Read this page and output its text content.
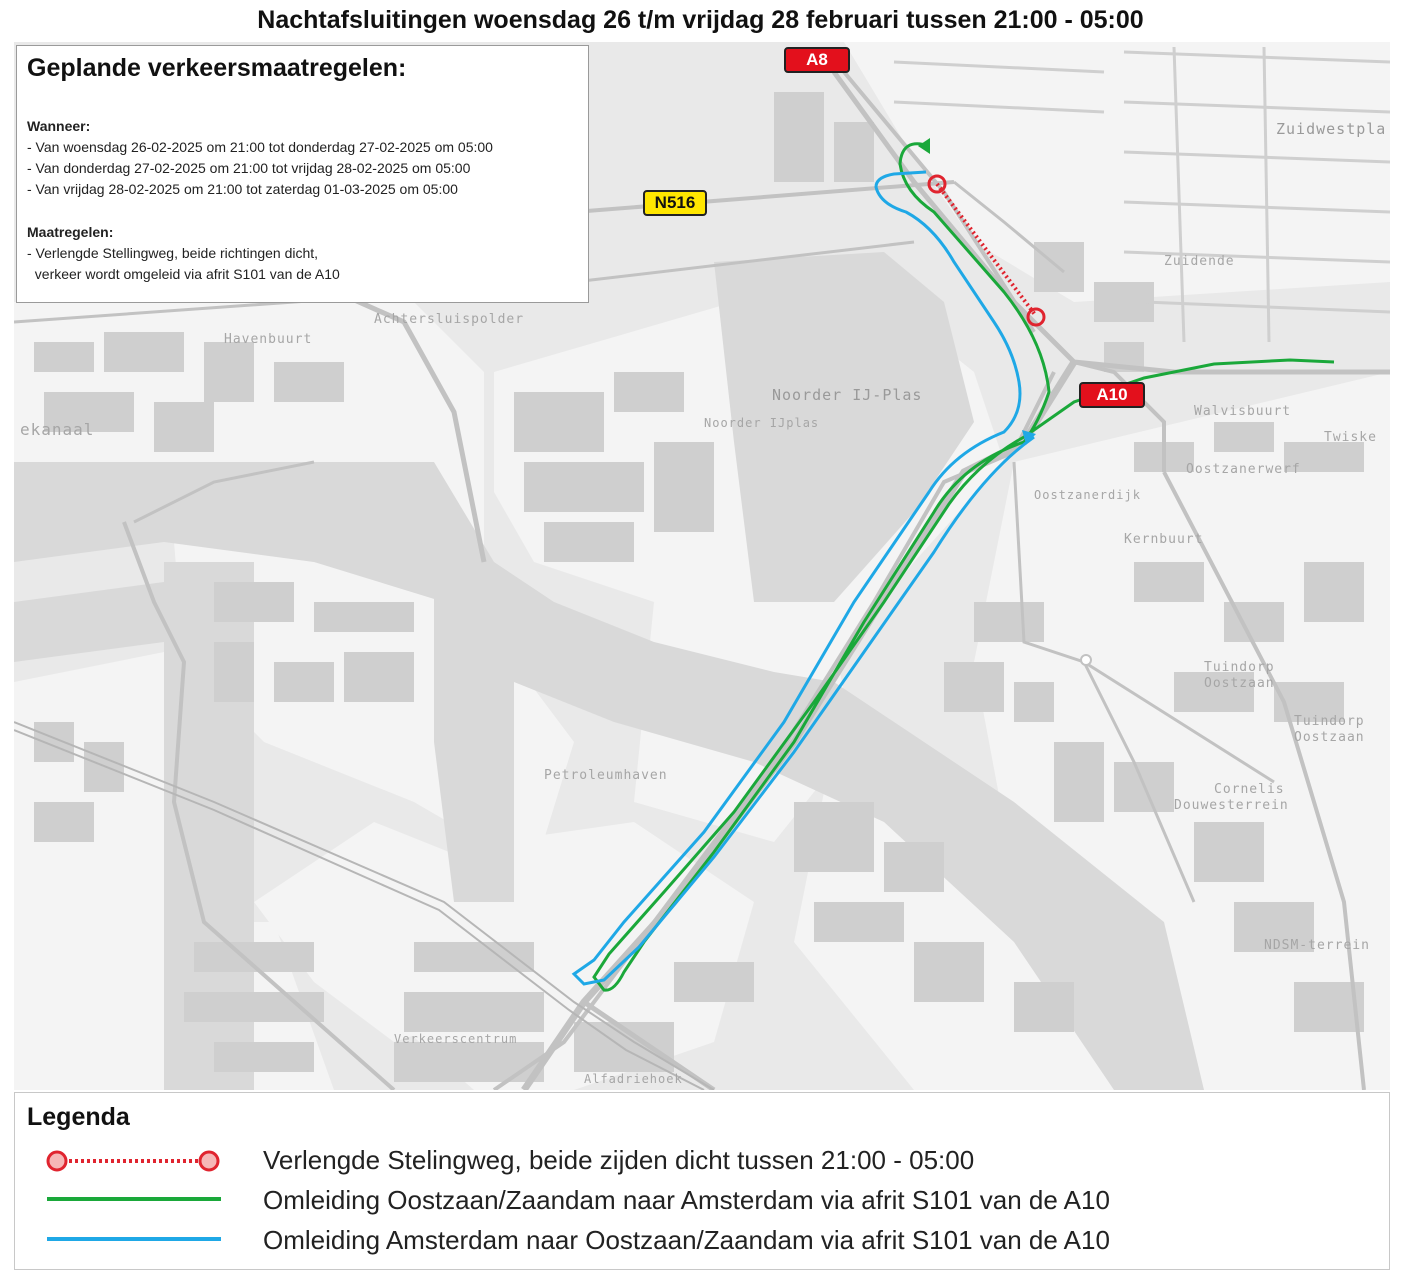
Nachtafsluitingen woensdag 26 t/m vrijdag 28 februari tussen 21:00 - 05:00
Achtersluispolder
Havenbuurt
ekanaal
Noorder IJ-Plas
Noorder IJplas
Zuidwestpla
Zuidende
Walvisbuurt
Twiske
Oostzanerwerf
Oostzanerdijk
Kernbuurt
Tuindorp
Oostzaan
Tuindorp
Oostzaan
Cornelis
Douwesterrein
NDSM-terrein
Petroleumhaven
Verkeerscentrum
Alfadriehoek
A8
N516
A10
Geplande verkeersmaatregelen:
Wanneer:
- Van woensdag 26-02-2025 om 21:00 tot donderdag 27-02-2025 om 05:00
- Van donderdag 27-02-2025 om 21:00 tot vrijdag 28-02-2025 om 05:00
- Van vrijdag 28-02-2025 om 21:00 tot zaterdag 01-03-2025 om 05:00
Maatregelen:
- Verlengde Stellingweg, beide richtingen dicht,
verkeer wordt omgeleid via afrit S101 van de A10
Legenda
Verlengde Stelingweg, beide zijden dicht tussen 21:00 - 05:00
Omleiding Oostzaan/Zaandam naar Amsterdam via afrit S101 van de A10
Omleiding Amsterdam naar Oostzaan/Zaandam via afrit S101 van de A10
